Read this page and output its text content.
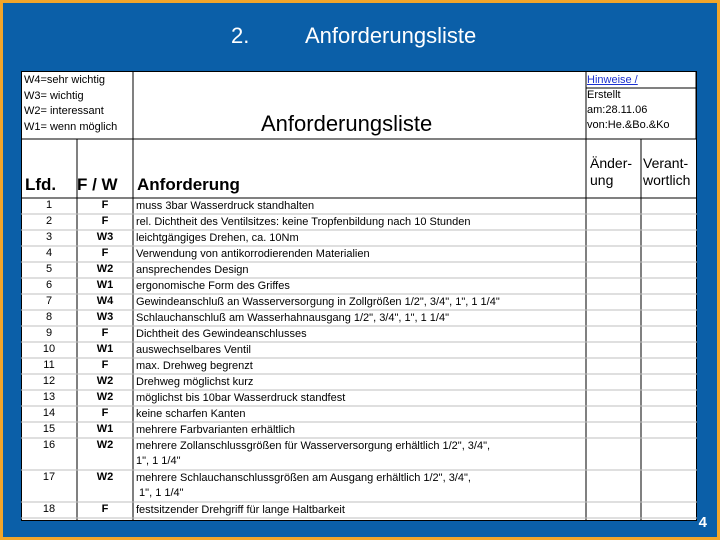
2.	Anforderungsliste
W4=sehr wichtig
W3= wichtig
W2= interessant
W1= wenn möglich	Anforderungsliste
Hinweise /
Erstellt
am:28.11.06
von:He.&Bo.&Ko
Lfd. F / W Anforderung
Änder-
ung
Verant-
wortlich
1	F	muss 3bar Wasserdruck standhalten
2	F	rel. Dichtheit des Ventilsitzes: keine Tropfenbildung nach 10 Stunden
3	W3	leichtgängiges Drehen, ca. 10Nm
4	F	Verwendung von antikorrodierenden Materialien
5	W2	ansprechendes Design
6	W1	ergonomische Form des Griffes
7	W4	Gewindeanschluß an Wasserversorgung in Zollgrößen 1/2", 3/4", 1", 1 1/4"
8	W3	Schlauchanschluß am Wasserhahnausgang 1/2", 3/4", 1", 1 1/4"
9	F	Dichtheit des Gewindeanschlusses
10	W1	auswechselbares Ventil
11	F	max. Drehweg begrenzt
12	W2	Drehweg möglichst kurz
13	W2	möglichst bis 10bar Wasserdruck standfest
14	F	keine scharfen Kanten
15	W1	mehrere Farbvarianten erhältlich
16	W2	mehrere Zollanschlussgrößen für Wasserversorgung erhältlich 1/2", 3/4",
1", 1 1/4"
17	W2	mehrere Schlauchanschlussgrößen am Ausgang erhältlich 1/2", 3/4",
1", 1 1/4"
18	F	festsitzender Drehgriff für lange Haltbarkeit
4
